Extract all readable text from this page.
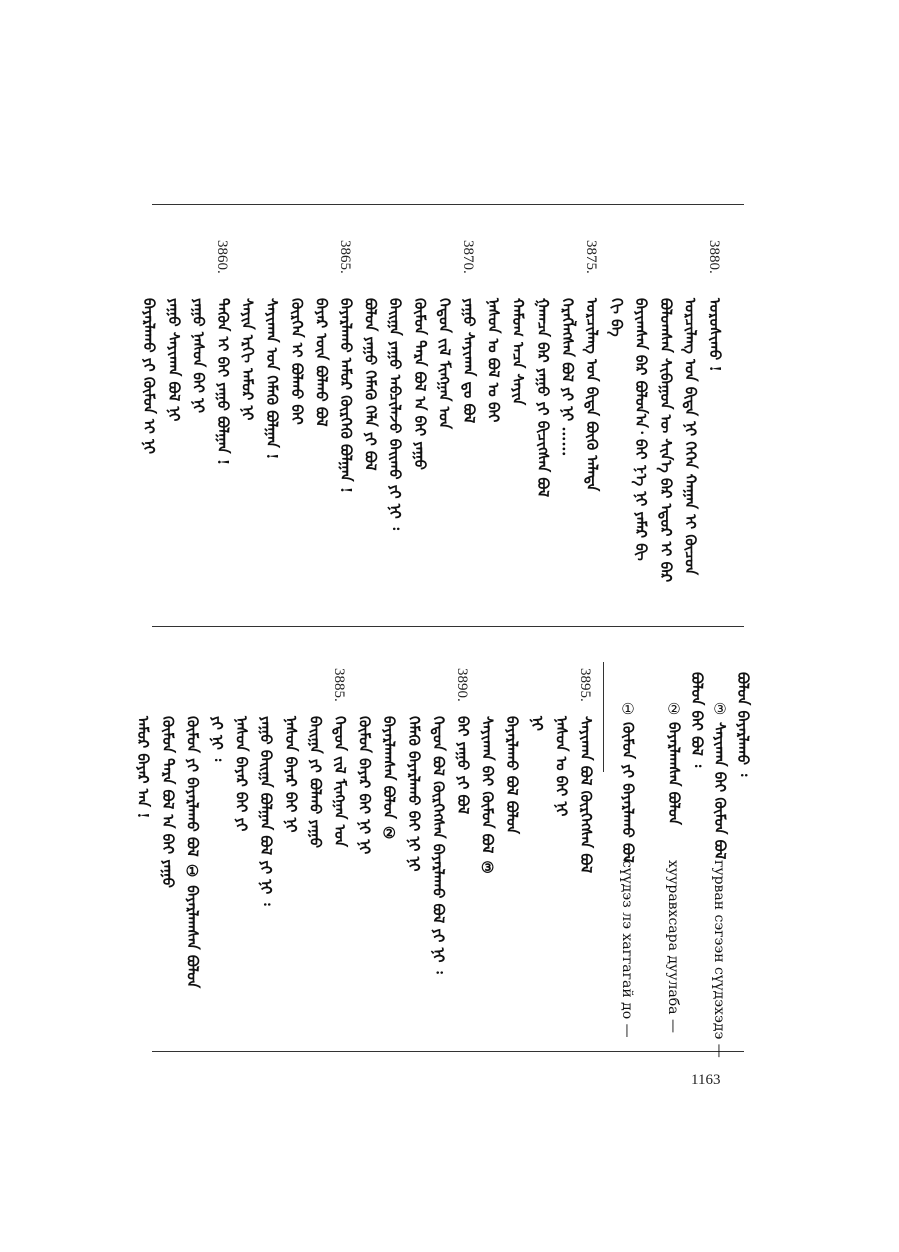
ᠣᠷᠤᠰᠢᠬᠤ !
ᠣᠷᠴᠢᠯᠠᠩ ᠤᠨ ᠪᠢᠳᠡ ᠨᠢ ᠭᠡᠭᠡᠨ ᠬᠠᠭᠠᠨ ᠢ ᠬᠦᠴᠦᠨ
ᠪᠣᠯᠤᠭᠰᠠᠨ ᠰᠢᠪᠠᠭᠤᠨ ᠦ ᠰᠢᠨ᠎ᠡ ᠪᠠᠷ ᠡᠳᠦᠷ ᠢ ᠪᠠᠷ
ᠪᠠᠶᠢᠭᠰᠠᠨ ᠪᠠᠷ ᠪᠣᠯᠤᠨ᠎ᠠ᠂ ᠪᠠᠢ ᠨ᠎ᠡ ᠨᠢ ᠶᠠᠮᠠᠷ ᠪᠢ
ᠬᠢ ᠪᠡ
ᠣᠷᠴᠢᠯᠠᠩ ᠤᠨ ᠪᠢᠳᠡ ᠪᠦᠬᠦ ᠠᠯᠠᠳᠠ
ᠬᠡᠷᠡᠭᠯᠡᠭᠰᠡᠨ ᠪᠣᠯ ᠶᠢ ᠨᠢ ……
ᠭᠠᠭᠴᠠ ᠪᠠᠷ ᠶᠠᠭᠤ ᠶᠢ ᠪᠢᠴᠢᠭᠰᠡᠨ ᠪᠣᠯ
ᠬᠠᠮᠤᠭ ᠠᠴᠠ ᠰᠠᠶᠢᠨ
ᠨᠠᠰᠤᠨ ᠤ ᠪᠣᠯ ᠤ ᠪᠠᠢ
ᠶᠠᠭᠤ ᠰᠠᠶᠢᠬᠠᠨ ᠳᠤ ᠪᠣᠯ
ᠬᠡᠳᠦᠨ ᠵᠢᠯ ᠮᠢᠩᠭᠠᠨ ᠣᠨ
ᠬᠦᠮᠦᠨ ᠲᠡᠷᠡ ᠪᠣᠯ ᠠ ᠪᠠᠢ ᠶᠠᠭᠤ
ᠪᠠᠢᠭᠠ ᠶᠠᠭᠤ ᠠᠪᠴᠢᠯᠠᠵᠤ ᠪᠠᠢᠬᠤ ᠶᠢ ᠨᠢ ᠄
ᠪᠣᠯᠤᠨ ᠶᠠᠭᠤ ᠬᠡᠮᠡᠬᠦ ᠬᠡᠯᠡ ᠶᠢ ᠪᠣᠯ
ᠪᠠᠶᠠᠷᠯᠠᠬᠤ ᠠᠮᠤᠷ ᠬᠦᠷᠭᠡᠬᠦ ᠪᠣᠯᠭᠠᠨ !
ᠪᠠᠶᠠᠷ ᠦᠨ ᠪᠣᠯᠬᠤ ᠪᠣᠯ
ᠬᠦᠷᠭᠡᠨ ᠢ ᠪᠣᠯᠬᠤ ᠪᠠᠢ
ᠰᠠᠶᠢᠬᠠᠨ ᠤᠨ ᠬᠡᠮᠡᠬᠦ ᠪᠣᠯᠭᠠᠨ !
ᠰᠠᠶᠢᠨ ᠡᠷᠬᠢ ᠠᠮᠤᠷ ᠨᠢ
ᠲᠡᠭᠦᠨ ᠢ ᠪᠠᠢ ᠶᠠᠭᠤ ᠪᠣᠯᠭᠠᠨ !
ᠶᠠᠭᠤ ᠨᠠᠰᠤᠨ ᠪᠠᠢ ᠨᠢ
ᠶᠠᠭᠤ ᠰᠠᠶᠢᠬᠠᠨ ᠪᠣᠯ ᠨᠢ
ᠪᠠᠶᠠᠷᠯᠠᠬᠤ ᠶᠢ ᠬᠦᠮᠦᠨ ᠢ ᠨᠢ
3880.
3875.
3870.
3865.
3860.
ᠰᠠᠶᠢᠬᠠᠨ ᠪᠣᠯ ᠬᠦᠷᠭᠡᠭᠰᠡᠨ ᠪᠣᠯ
ᠨᠠᠰᠤᠨ ᠤ ᠪᠠᠢ ᠨᠢ
ᠨᠢ
ᠪᠠᠶᠠᠷᠯᠠᠬᠤ ᠪᠣᠯ ᠪᠣᠯᠤᠨ
ᠰᠠᠶᠢᠬᠠᠨ ᠪᠠᠢ ᠬᠦᠮᠦᠨ ᠪᠣᠯ ③
ᠪᠠᠢ ᠶᠠᠭᠤ ᠶᠢ ᠪᠣᠯ
ᠬᠡᠳᠦᠨ ᠪᠣᠯ ᠬᠦᠷᠭᠡᠭᠰᠡᠨ ᠪᠠᠶᠠᠷᠯᠠᠬᠤ ᠪᠣᠯ ᠶᠢ ᠨᠢ ᠄
ᠬᠡᠮᠡᠬᠦ ᠪᠠᠶᠠᠷᠯᠠᠬᠤ ᠪᠠᠢ ᠨᠢ ᠨᠢ
ᠪᠠᠶᠠᠷᠯᠠᠭᠰᠠᠨ ᠪᠣᠯᠤᠨ ②
ᠬᠦᠮᠦᠨ ᠪᠠᠶᠠᠷ ᠪᠠᠢ ᠨᠢ ᠨᠢ
ᠬᠡᠳᠦᠨ ᠵᠢᠯ ᠮᠢᠩᠭᠠᠨ ᠣᠨ
ᠪᠠᠢᠭᠠ ᠶᠢ ᠪᠣᠯᠬᠤ ᠶᠠᠭᠤ
ᠨᠠᠰᠤᠨ ᠪᠠᠶᠠᠷ ᠪᠠᠢ ᠨᠢ
ᠶᠠᠭᠤ ᠪᠠᠢᠭᠠ ᠪᠣᠯᠭᠠᠨ ᠪᠣᠯ ᠶᠢ ᠨᠢ ᠄
ᠨᠠᠰᠤᠨ ᠪᠠᠶᠠᠷ ᠪᠠᠢ ᠶᠢ
ᠶᠢ ᠨᠢ ᠄
ᠬᠦᠮᠦᠨ ᠶᠢ ᠪᠠᠶᠠᠷᠯᠠᠬᠤ ᠪᠣᠯ ① ᠪᠠᠶᠠᠷᠯᠠᠭᠰᠠᠨ ᠪᠣᠯᠤᠨ
ᠬᠦᠮᠦᠨ ᠲᠡᠷᠡ ᠪᠣᠯ ᠠ ᠪᠠᠢ ᠶᠠᠭᠤ
ᠠᠮᠤᠷ ᠪᠠᠶᠠᠷ ᠠᠨ !
3895.
3890.
3885.
③
ᠰᠠᠶᠢᠬᠠᠨ ᠪᠠᠢ ᠬᠦᠮᠦᠨ ᠪᠣᠯ
гурван сэгээн сүүдэхэдэ —
ᠪᠣᠯᠤᠨ ᠪᠠᠶᠠᠷᠯᠠᠬᠤ ᠄
②
ᠪᠠᠶᠠᠷᠯᠠᠭᠰᠠᠨ ᠪᠣᠯᠤᠨ
хууравхсара дуулаба —
ᠪᠣᠯᠤᠨ ᠪᠠᠢ ᠪᠣᠯ ᠄
①
ᠬᠦᠮᠦᠨ ᠶᠢ ᠪᠠᠶᠠᠷᠯᠠᠬᠤ ᠪᠣᠯ
сүүдэз лэ хаггагай до —
1163
